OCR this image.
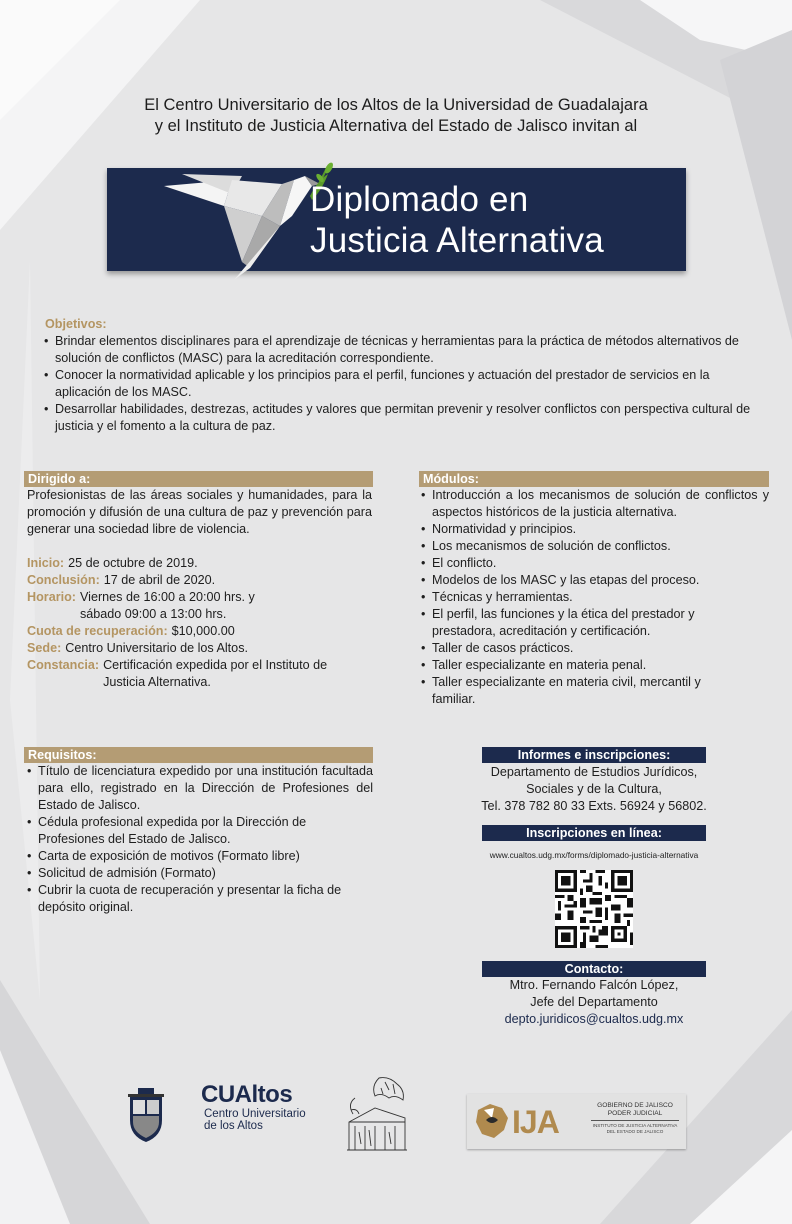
El Centro Universitario de los Altos de la Universidad de Guadalajara
y el Instituto de Justicia Alternativa del Estado de Jalisco invitan al
Diplomado en
Justicia Alternativa
Objetivos:
• Brindar elementos disciplinares para el aprendizaje de técnicas y herramientas para la práctica de métodos alternativos de solución de conflictos (MASC) para la acreditación correspondiente.
• Conocer la normatividad aplicable y los principios para el perfil, funciones y actuación del prestador de servicios en la aplicación de los MASC.
• Desarrollar habilidades, destrezas, actitudes y valores que permitan prevenir y resolver conflictos con perspectiva cultural de justicia y el fomento a la cultura de paz.
Dirigido a:

Profesionistas de las áreas sociales y humanidades, para la promoción y difusión de una cultura de paz y prevención para generar una sociedad libre de violencia.

Inicio: 25 de octubre de 2019.
Conclusión: 17 de abril de 2020.
Horario: Viernes de 16:00 a 20:00 hrs. y sábado 09:00 a 13:00 hrs.
Cuota de recuperación: $10,000.00
Sede: Centro Universitario de los Altos.
Constancia: Certificación expedida por el Instituto de Justicia Alternativa.
Módulos:
• Introducción a los mecanismos de solución de conflictos y aspectos históricos de la justicia alternativa.
• Normatividad y principios.
• Los mecanismos de solución de conflictos.
• El conflicto.
• Modelos de los MASC y las etapas del proceso.
• Técnicas y herramientas.
• El perfil, las funciones y la ética del prestador y prestadora, acreditación y certificación.
• Taller de casos prácticos.
• Taller especializante en materia penal.
• Taller especializante en materia civil, mercantil y familiar.
Requisitos:
• Título de licenciatura expedido por una institución facultada para ello, registrado en la Dirección de Profesiones del Estado de Jalisco.
• Cédula profesional expedida por la Dirección de Profesiones del Estado de Jalisco.
• Carta de exposición de motivos (Formato libre)
• Solicitud de admisión (Formato)
• Cubrir la cuota de recuperación y presentar la ficha de depósito original.
Informes e inscripciones:
Departamento de Estudios Jurídicos,
Sociales y de la Cultura,
Tel. 378 782 80 33 Exts. 56924 y 56802.
Inscripciones en línea:
www.cualtos.udg.mx/forms/diplomado-justicia-alternativa
Contacto:
Mtro. Fernando Falcón López,
Jefe del Departamento
depto.juridicos@cualtos.udg.mx
CUAltos
Centro Universitario
de los Altos	IJA	GOBIERNO DE JALISCO
PODER JUDICIAL
INSTITUTO DE JUSTICIA ALTERNATIVA
DEL ESTADO DE JALISCO
